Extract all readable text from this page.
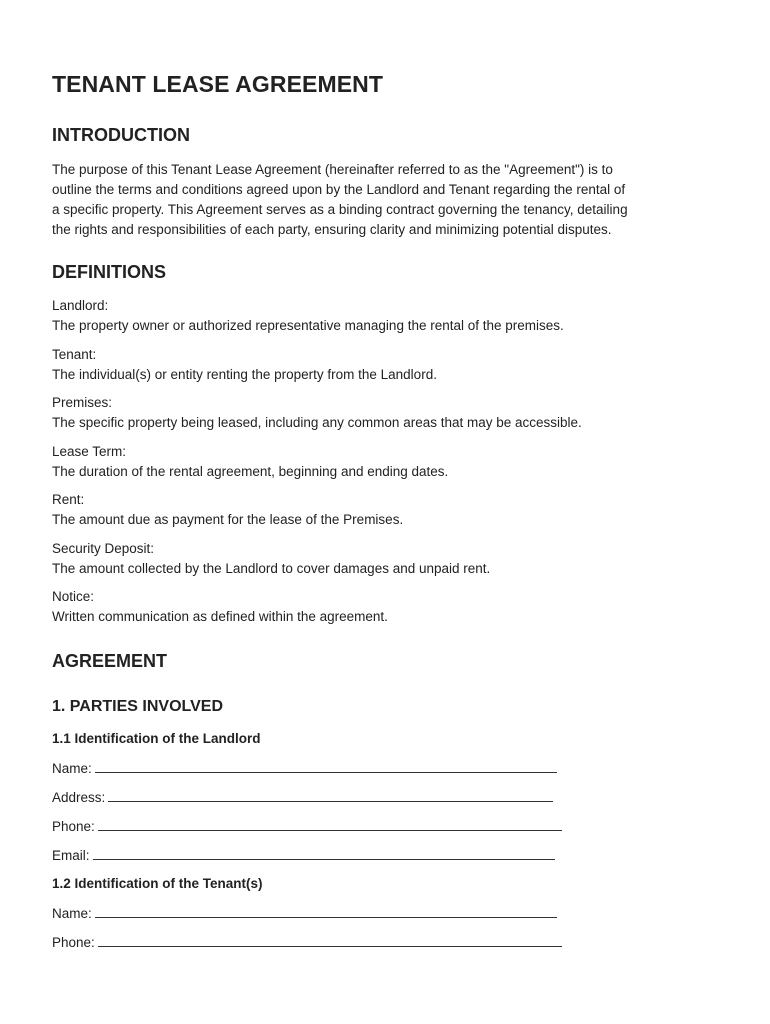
TENANT LEASE AGREEMENT
INTRODUCTION

The purpose of this Tenant Lease Agreement (hereinafter referred to as the "Agreement") is to
outline the terms and conditions agreed upon by the Landlord and Tenant regarding the rental of
a specific property. This Agreement serves as a binding contract governing the tenancy, detailing
the rights and responsibilities of each party, ensuring clarity and minimizing potential disputes.

DEFINITIONS
Landlord:
The property owner or authorized representative managing the rental of the premises.
Tenant:
The individual(s) or entity renting the property from the Landlord.
Premises:
The specific property being leased, including any common areas that may be accessible.
Lease Term:
The duration of the rental agreement, beginning and ending dates.
Rent:
The amount due as payment for the lease of the Premises.
Security Deposit:
The amount collected by the Landlord to cover damages and unpaid rent.
Notice:
Written communication as defined within the agreement.
AGREEMENT
1. PARTIES INVOLVED
1.1 Identification of the Landlord
Name:
Address:
Phone:
Email:
1.2 Identification of the Tenant(s)
Name:
Phone:
